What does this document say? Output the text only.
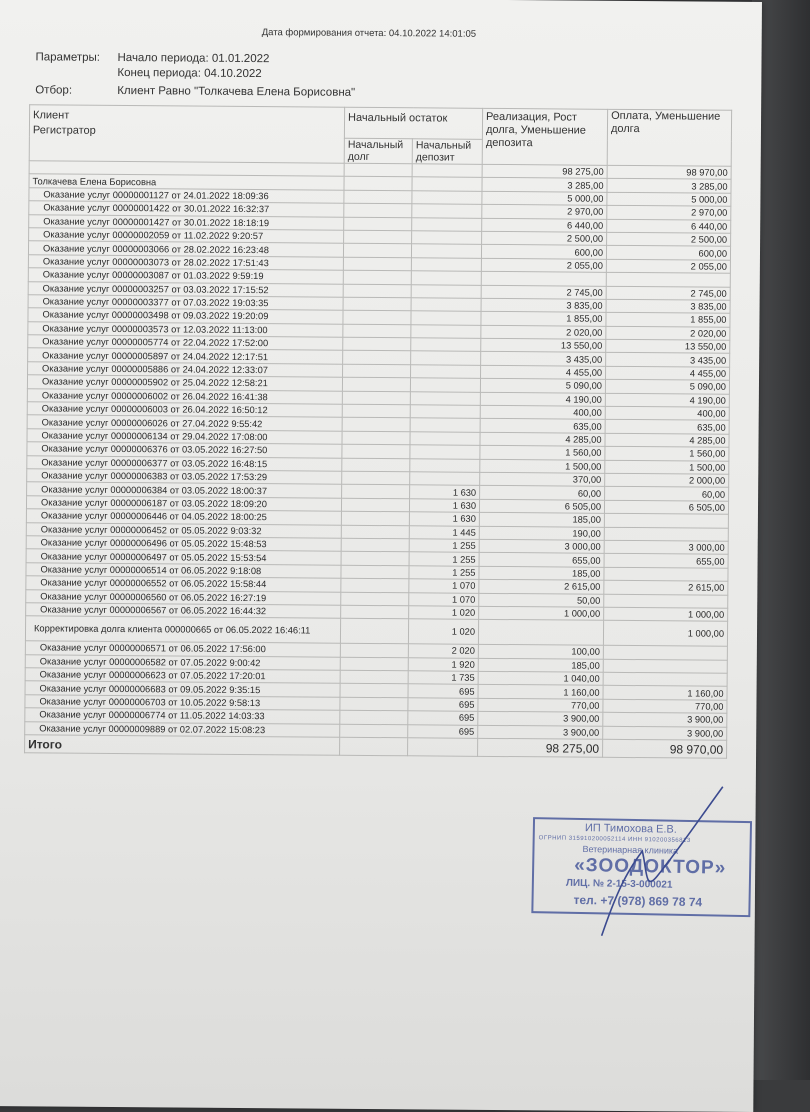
Дата формирования отчета: 04.10.2022 14:01:05
Параметры: Начало периода: 01.01.2022
Конец периода: 04.10.2022
Отбор:	Клиент Равно "Толкачева Елена Борисовна"
Клиент
Регистратор	Начальный остаток		Реализация, Рост долга, Уменьшение депозита	Оплата, Уменьшение долга
	Начальный долг	Начальный депозит		
			98 275,00	98 970,00
Толкачева Елена Борисовна			3 285,00	3 285,00
Оказание услуг 00000001127 от 24.01.2022 18:09:36			5 000,00	5 000,00
Оказание услуг 00000001422 от 30.01.2022 16:32:37			2 970,00	2 970,00
Оказание услуг 00000001427 от 30.01.2022 18:18:19			6 440,00	6 440,00
Оказание услуг 00000002059 от 11.02.2022 9:20:57			2 500,00	2 500,00
Оказание услуг 00000003066 от 28.02.2022 16:23:48			600,00	600,00
Оказание услуг 00000003073 от 28.02.2022 17:51:43			2 055,00	2 055,00
Оказание услуг 00000003087 от 01.03.2022 9:59:19				
Оказание услуг 00000003257 от 03.03.2022 17:15:52			2 745,00	2 745,00
Оказание услуг 00000003377 от 07.03.2022 19:03:35			3 835,00	3 835,00
Оказание услуг 00000003498 от 09.03.2022 19:20:09			1 855,00	1 855,00
Оказание услуг 00000003573 от 12.03.2022 11:13:00			2 020,00	2 020,00
Оказание услуг 00000005774 от 22.04.2022 17:52:00			13 550,00	13 550,00
Оказание услуг 00000005897 от 24.04.2022 12:17:51			3 435,00	3 435,00
Оказание услуг 00000005886 от 24.04.2022 12:33:07			4 455,00	4 455,00
Оказание услуг 00000005902 от 25.04.2022 12:58:21			5 090,00	5 090,00
Оказание услуг 00000006002 от 26.04.2022 16:41:38			4 190,00	4 190,00
Оказание услуг 00000006003 от 26.04.2022 16:50:12			400,00	400,00
Оказание услуг 00000006026 от 27.04.2022 9:55:42			635,00	635,00
Оказание услуг 00000006134 от 29.04.2022 17:08:00			4 285,00	4 285,00
Оказание услуг 00000006376 от 03.05.2022 16:27:50			1 560,00	1 560,00
Оказание услуг 00000006377 от 03.05.2022 16:48:15			1 500,00	1 500,00
Оказание услуг 00000006383 от 03.05.2022 17:53:29			370,00	2 000,00
Оказание услуг 00000006384 от 03.05.2022 18:00:37		1 630	60,00	60,00
Оказание услуг 00000006187 от 03.05.2022 18:09:20		1 630	6 505,00	6 505,00
Оказание услуг 00000006446 от 04.05.2022 18:00:25		1 630	185,00	
Оказание услуг 00000006452 от 05.05.2022 9:03:32		1 445	190,00	
Оказание услуг 00000006496 от 05.05.2022 15:48:53		1 255	3 000,00	3 000,00
Оказание услуг 00000006497 от 05.05.2022 15:53:54		1 255	655,00	655,00
Оказание услуг 00000006514 от 06.05.2022 9:18:08		1 255	185,00	
Оказание услуг 00000006552 от 06.05.2022 15:58:44		1 070	2 615,00	2 615,00
Оказание услуг 00000006560 от 06.05.2022 16:27:19		1 070	50,00	
Оказание услуг 00000006567 от 06.05.2022 16:44:32		1 020	1 000,00	1 000,00
Корректировка долга клиента 000000665 от 06.05.2022 16:46:11		1 020		1 000,00
Оказание услуг 00000006571 от 06.05.2022 17:56:00		2 020	100,00	
Оказание услуг 00000006582 от 07.05.2022 9:00:42		1 920	185,00	
Оказание услуг 00000006623 от 07.05.2022 17:20:01		1 735	1 040,00	
Оказание услуг 00000006683 от 09.05.2022 9:35:15		695	1 160,00	1 160,00
Оказание услуг 00000006703 от 10.05.2022 9:58:13		695	770,00	770,00
Оказание услуг 00000006774 от 11.05.2022 14:03:33		695	3 900,00	3 900,00
Оказание услуг 00000009889 от 02.07.2022 15:08:23		695	3 900,00	3 900,00
Итого			98 275,00	98 970,00
ИП Тимохова Е.В.
ОГРНИП 315910200052114 ИНН 910200356813
Ветеринарная клиника
«ЗООДОКТОР»
ЛИЦ. № 2‑15‑3‑000021
тел. +7 (978) 869 78 74
